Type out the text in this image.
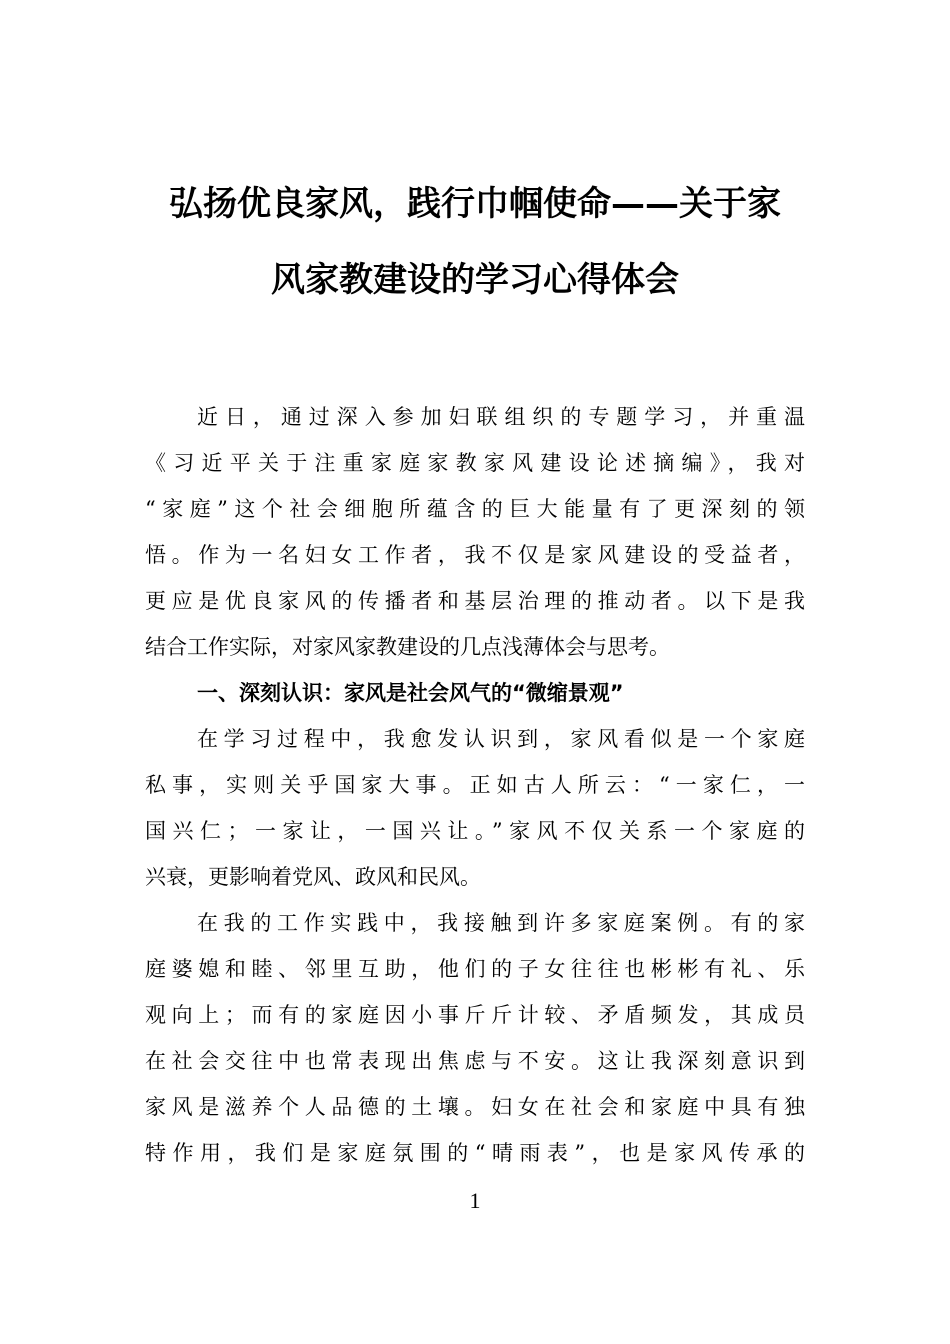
弘扬优良家风，践行巾帼使命——关于家
风家教建设的学习心得体会
近日，通过深入参加妇联组织的专题学习，并重温
《习近平关于注重家庭家教家风建设论述摘编》，我对
“家庭”这个社会细胞所蕴含的巨大能量有了更深刻的领
悟。作为一名妇女工作者，我不仅是家风建设的受益者，
更应是优良家风的传播者和基层治理的推动者。以下是我
结合工作实际，对家风家教建设的几点浅薄体会与思考。
一、深刻认识：家风是社会风气的“微缩景观”
在学习过程中，我愈发认识到，家风看似是一个家庭
私事，实则关乎国家大事。正如古人所云：“一家仁，一
国兴仁；一家让，一国兴让。”家风不仅关系一个家庭的
兴衰，更影响着党风、政风和民风。
在我的工作实践中，我接触到许多家庭案例。有的家
庭婆媳和睦、邻里互助，他们的子女往往也彬彬有礼、乐
观向上；而有的家庭因小事斤斤计较、矛盾频发，其成员
在社会交往中也常表现出焦虑与不安。这让我深刻意识到
家风是滋养个人品德的土壤。妇女在社会和家庭中具有独
特作用，我们是家庭氛围的“晴雨表”，也是家风传承的
1
